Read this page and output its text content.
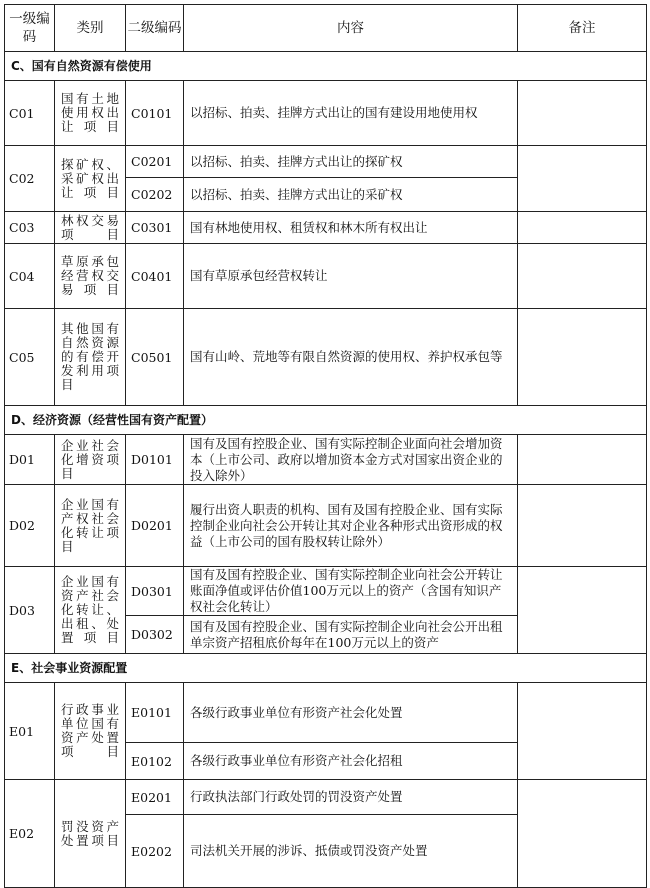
一级编码	类别	二级编码	内容	备注
C、国有自然资源有偿使用				
C01	国有土地使用权出让项目	C0101	以招标、拍卖、挂牌方式出让的国有建设用地使用权	
C02	探矿权、采矿权出让项目	C0201	以招标、拍卖、挂牌方式出让的探矿权	
		C0202	以招标、拍卖、挂牌方式出让的采矿权	
C03	林权交易项目	C0301	国有林地使用权、租赁权和林木所有权出让	
C04	草原承包经营权交易项目	C0401	国有草原承包经营权转让	
C05	其他国有自然资源的有偿开发利用项目	C0501	国有山岭、荒地等有限自然资源的使用权、养护权承包等	
D、经济资源（经营性国有资产配置）				
D01	企业社会化增资项目	D0101	国有及国有控股企业、国有实际控制企业面向社会增加资本（上市公司、政府以增加资本金方式对国家出资企业的投入除外）	
D02	企业国有产权社会化转让项目	D0201	履行出资人职责的机构、国有及国有控股企业、国有实际控制企业向社会公开转让其对企业各种形式出资形成的权益（上市公司的国有股权转让除外）	
D03	企业国有资产社会化转让、出租、处置项目	D0301	国有及国有控股企业、国有实际控制企业向社会公开转让账面净值或评估价值100万元以上的资产（含国有知识产权社会化转让）	
		D0302	国有及国有控股企业、国有实际控制企业向社会公开出租单宗资产招租底价每年在100万元以上的资产	
E、社会事业资源配置				
E01	行政事业单位国有资产处置项目	E0101	各级行政事业单位有形资产社会化处置	
		E0102	各级行政事业单位有形资产社会化招租	
E02	罚没资产处置项目	E0201	行政执法部门行政处罚的罚没资产处置	
		E0202	司法机关开展的涉诉、抵债或罚没资产处置	
